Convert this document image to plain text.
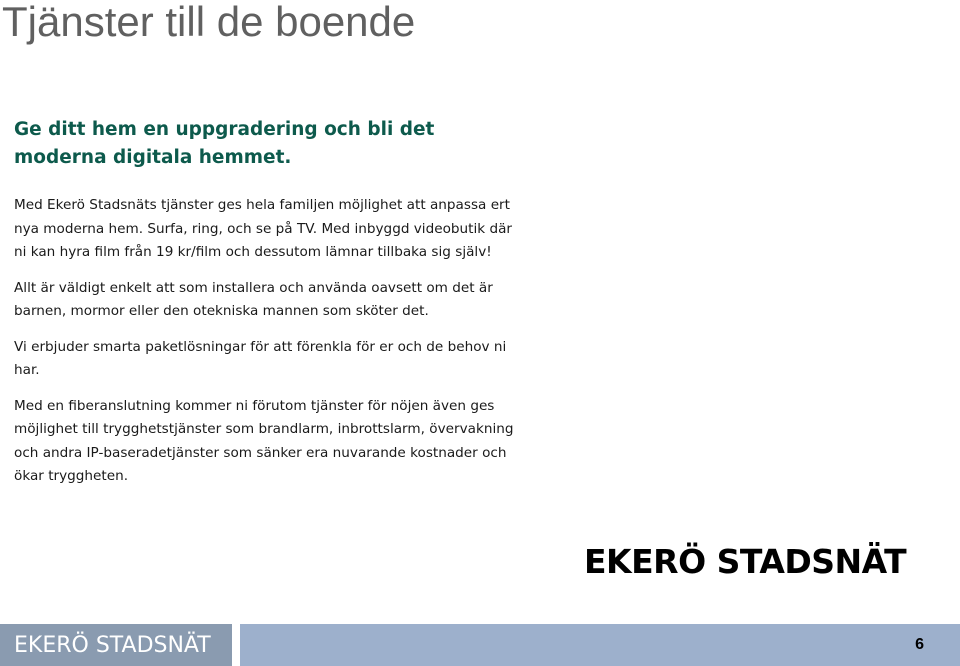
Tjänster till de boende
Ge ditt hem en uppgradering och bli det moderna digitala hemmet.

Med Ekerö Stadsnäts tjänster ges hela familjen möjlighet att anpassa ert nya moderna hem. Surfa, ring, och se på TV. Med inbyggd videobutik där ni kan hyra film från 19 kr/film och dessutom lämnar tillbaka sig själv!

Allt är väldigt enkelt att som installera och använda oavsett om det är barnen, mormor eller den otekniska mannen som sköter det.

Vi erbjuder smarta paketlösningar för att förenkla för er och de behov ni har.

Med en fiberanslutning kommer ni förutom tjänster för nöjen även ges möjlighet till trygghetstjänster som brandlarm, inbrottslarm, övervakning och andra IP-baseradetjänster som sänker era nuvarande kostnader och ökar tryggheten.

EKERÖ STADSNÄT
EKERÖ STADSNÄT	6
